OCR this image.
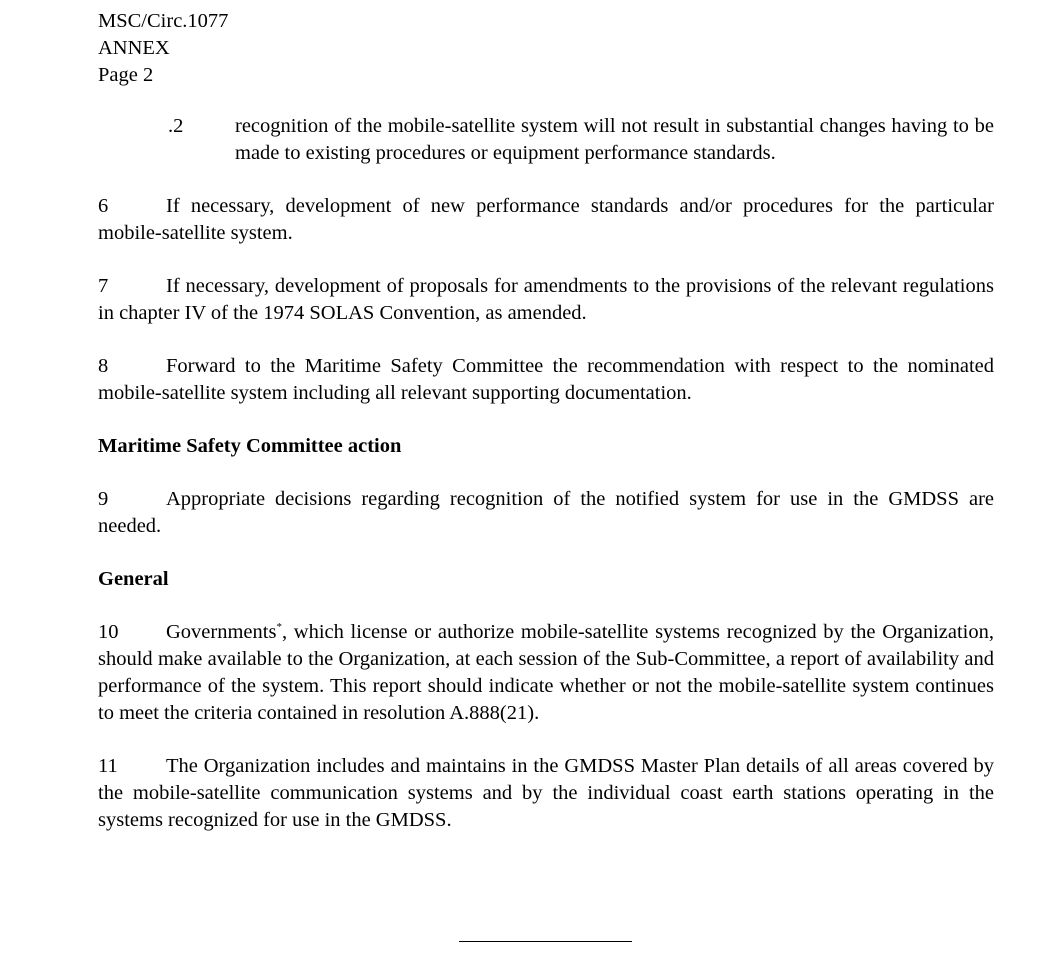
MSC/Circ.1077
ANNEX
Page 2
.2	recognition of the mobile-satellite system will not result in substantial changes having to be made to existing procedures or equipment performance standards.
6	If necessary, development of new performance standards and/or procedures for the particular mobile-satellite system.
7	If necessary, development of proposals for amendments to the provisions of the relevant regulations in chapter IV of the 1974 SOLAS Convention, as amended.
8	Forward to the Maritime Safety Committee the recommendation with respect to the nominated mobile-satellite system including all relevant supporting documentation.
Maritime Safety Committee action
9	Appropriate decisions regarding recognition of the notified system for use in the GMDSS are needed.
General
10 Governments*, which license or authorize mobile-satellite systems recognized by the Organization, should make available to the Organization, at each session of the Sub-Committee, a report of availability and performance of the system. This report should indicate whether or not the mobile-satellite system continues to meet the criteria contained in resolution A.888(21).
11 The Organization includes and maintains in the GMDSS Master Plan details of all areas covered by the mobile-satellite communication systems and by the individual coast earth stations operating in the systems recognized for use in the GMDSS.
